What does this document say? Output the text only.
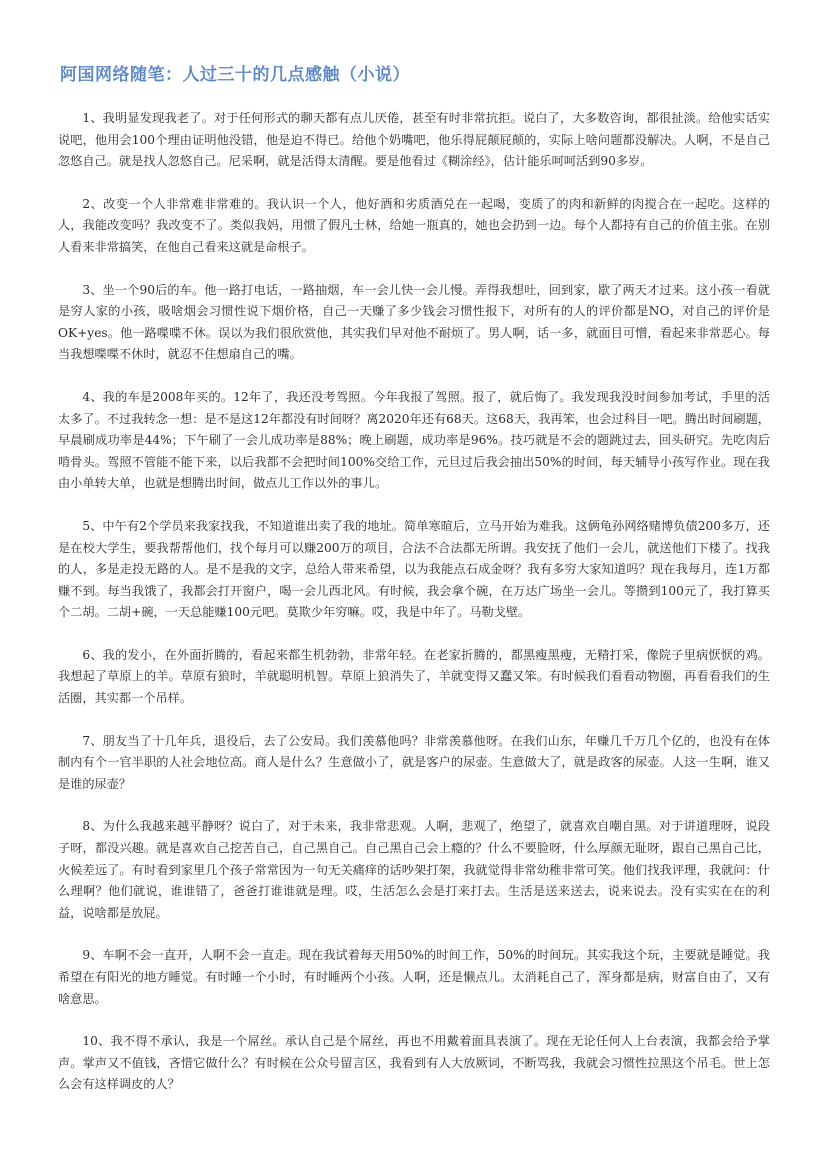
阿国网络随笔：人过三十的几点感触（小说）

1、我明显发现我老了。对于任何形式的聊天都有点儿厌倦，甚至有时非常抗拒。说白了，大多数咨询，都很扯淡。给他实话实说吧，他用会100个理由证明他没错，他是迫不得已。给他个奶嘴吧，他乐得屁颠屁颠的，实际上啥问题都没解决。人啊，不是自己忽悠自己。就是找人忽悠自己。尼采啊，就是活得太清醒。要是他看过《糊涂经》，估计能乐呵呵活到90多岁。

2、改变一个人非常难非常难的。我认识一个人，他好酒和劣质酒兑在一起喝，变质了的肉和新鲜的肉搅合在一起吃。这样的人，我能改变吗？我改变不了。类似我妈，用惯了假凡士林，给她一瓶真的，她也会扔到一边。每个人都持有自己的价值主张。在别人看来非常搞笑，在他自己看来这就是命根子。

3、坐一个90后的车。他一路打电话，一路抽烟，车一会儿快一会儿慢。弄得我想吐，回到家，歇了两天才过来。这小孩一看就是穷人家的小孩，吸啥烟会习惯性说下烟价格，自己一天赚了多少钱会习惯性报下，对所有的人的评价都是NO，对自己的评价是OK+yes。他一路喋喋不休。误以为我们很欣赏他，其实我们早对他不耐烦了。男人啊，话一多，就面目可憎，看起来非常恶心。每当我想喋喋不休时，就忍不住想扇自己的嘴。

4、我的车是2008年买的。12年了，我还没考驾照。今年我报了驾照。报了，就后悔了。我发现我没时间参加考试，手里的活太多了。不过我转念一想：是不是这12年都没有时间呀？离2020年还有68天。这68天，我再笨，也会过科目一吧。腾出时间刷题，早晨刷成功率是44%；下午刷了一会儿成功率是88%；晚上刷题，成功率是96%。技巧就是不会的题跳过去，回头研究。先吃肉后啃骨头。驾照不管能不能下来，以后我都不会把时间100%交给工作，元旦过后我会抽出50%的时间，每天辅导小孩写作业。现在我由小单转大单，也就是想腾出时间，做点儿工作以外的事儿。

5、中午有2个学员来我家找我，不知道谁出卖了我的地址。简单寒暄后，立马开始为难我。这俩龟孙网络赌博负债200多万，还是在校大学生，要我帮帮他们，找个每月可以赚200万的项目，合法不合法都无所谓。我安抚了他们一会儿，就送他们下楼了。找我的人，多是走投无路的人。是不是我的文字，总给人带来希望，以为我能点石成金呀？我有多穷大家知道吗？现在我每月，连1万都赚不到。每当我饿了，我都会打开窗户，喝一会儿西北风。有时候，我会拿个碗，在万达广场坐一会儿。等攒到100元了，我打算买个二胡。二胡+碗，一天总能赚100元吧。莫欺少年穷嘛。哎，我是中年了。马勒戈壁。

6、我的发小，在外面折腾的，看起来都生机勃勃，非常年轻。在老家折腾的，都黑瘦黑瘦，无精打采，像院子里病恹恹的鸡。我想起了草原上的羊。草原有狼时，羊就聪明机智。草原上狼消失了，羊就变得又蠢又笨。有时候我们看看动物圈，再看看我们的生活圈，其实都一个吊样。

7、朋友当了十几年兵，退役后，去了公安局。我们羡慕他吗？非常羡慕他呀。在我们山东，年赚几千万几个亿的，也没有在体制内有个一官半职的人社会地位高。商人是什么？生意做小了，就是客户的尿壶。生意做大了，就是政客的尿壶。人这一生啊，谁又是谁的尿壶？

8、为什么我越来越平静呀？说白了，对于未来，我非常悲观。人啊，悲观了，绝望了，就喜欢自嘲自黑。对于讲道理呀，说段子呀，都没兴趣。就是喜欢自己挖苦自己，自己黑自己。自己黑自己会上瘾的？什么不要脸呀，什么厚颜无耻呀，跟自己黑自己比，火候差远了。有时看到家里几个孩子常常因为一句无关痛痒的话吵架打架，我就觉得非常幼稚非常可笑。他们找我评理，我就问：什么理啊？他们就说，谁谁错了，爸爸打谁谁就是理。哎，生活怎么会是打来打去。生活是送来送去，说来说去。没有实实在在的利益，说啥都是放屁。

9、车啊不会一直开，人啊不会一直走。现在我试着每天用50%的时间工作，50%的时间玩。其实我这个玩，主要就是睡觉。我希望在有阳光的地方睡觉。有时睡一个小时，有时睡两个小孩。人啊，还是懒点儿。太消耗自己了，浑身都是病，财富自由了，又有啥意思。

10、我不得不承认，我是一个屌丝。承认自己是个屌丝，再也不用戴着面具表演了。现在无论任何人上台表演，我都会给予掌声。掌声又不值钱，吝惜它做什么？有时候在公众号留言区，我看到有人大放厥词，不断骂我，我就会习惯性拉黑这个吊毛。世上怎么会有这样调皮的人？
